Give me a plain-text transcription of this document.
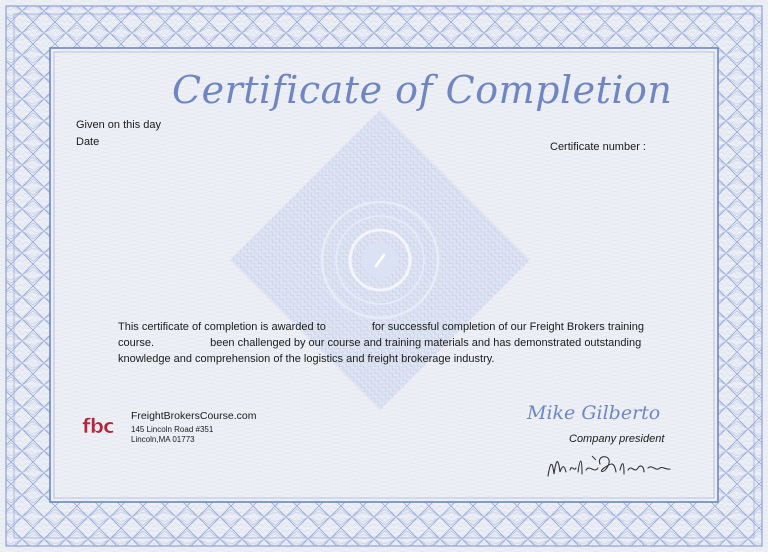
Certificate of Completion
Given on this day
Date	Certificate number :

This certificate of completion is awarded to	for successful completion of our Freight Brokers training

course.	been challenged by our course and training materials and has demonstrated outstanding

knowledge and comprehension of the logistics and freight brokerage industry.

fbc FreightBrokersCourse.com
145 Lincoln Road #351
Lincoln,MA 01773
Mike Gilberto
Company president
